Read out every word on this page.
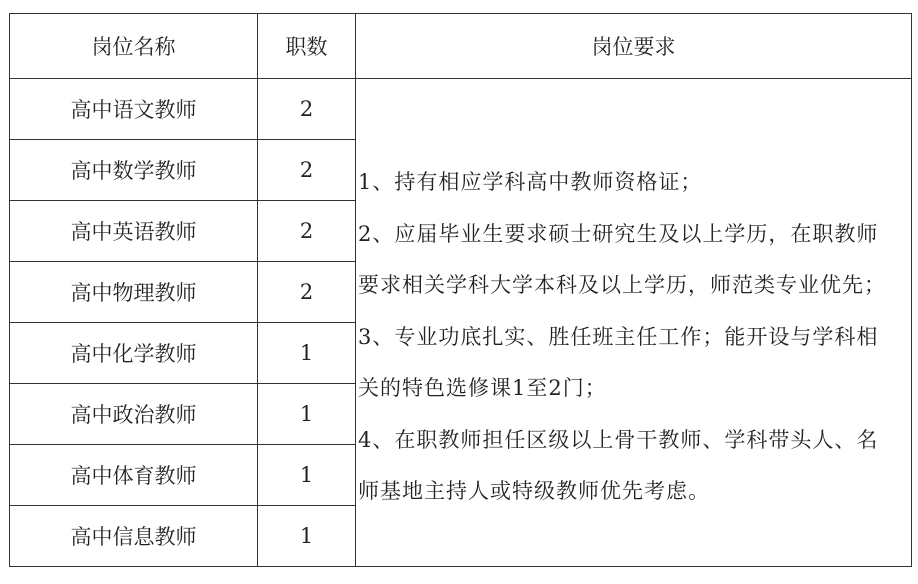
岗位名称	职数	岗位要求
高中语文教师	2	1、持有相应学科高中教师资格证；

2、应届毕业生要求硕士研究生及以上学历，在职教师要求相关学科大学本科及以上学历，师范类专业优先；

3、专业功底扎实、胜任班主任工作；能开设与学科相关的特色选修课1至2门；

4、在职教师担任区级以上骨干教师、学科带头人、名师基地主持人或特级教师优先考虑。

高中数学教师	2	
高中英语教师	2	
高中物理教师	2	
高中化学教师	1	
高中政治教师	1	
高中体育教师	1	
高中信息教师	1	
